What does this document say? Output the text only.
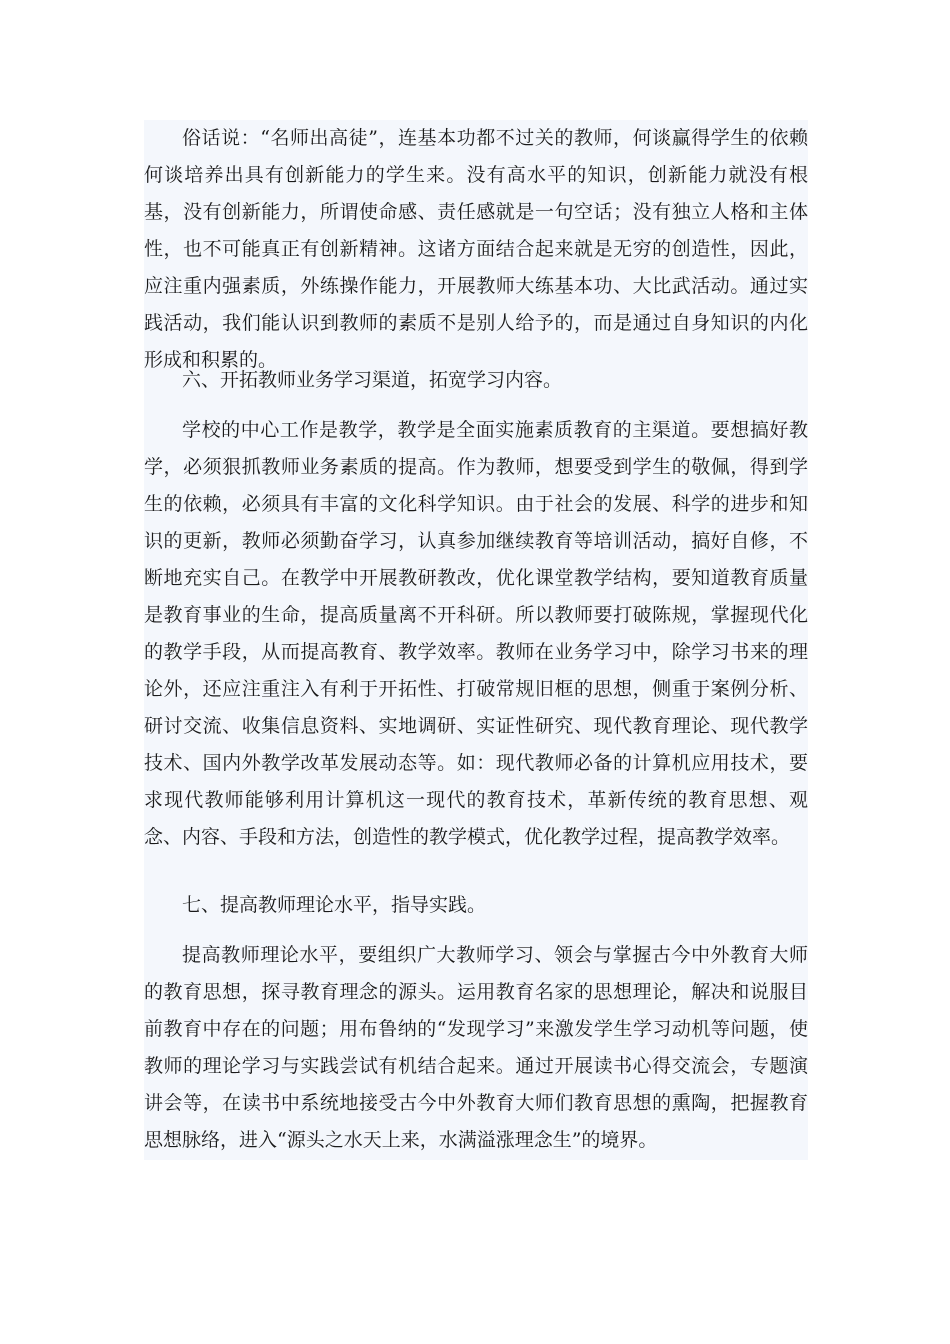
俗话说：“名师出高徒”，连基本功都不过关的教师，何谈赢得学生的依赖何谈培养出具有创新能力的学生来。没有高水平的知识，创新能力就没有根基，没有创新能力，所谓使命感、责任感就是一句空话；没有独立人格和主体性，也不可能真正有创新精神。这诸方面结合起来就是无穷的创造性，因此，应注重内强素质，外练操作能力，开展教师大练基本功、大比武活动。通过实践活动，我们能认识到教师的素质不是别人给予的，而是通过自身知识的内化形成和积累的。

六、开拓教师业务学习渠道，拓宽学习内容。

学校的中心工作是教学，教学是全面实施素质教育的主渠道。要想搞好教学，必须狠抓教师业务素质的提高。作为教师，想要受到学生的敬佩，得到学生的依赖，必须具有丰富的文化科学知识。由于社会的发展、科学的进步和知识的更新，教师必须勤奋学习，认真参加继续教育等培训活动，搞好自修，不断地充实自己。在教学中开展教研教改，优化课堂教学结构，要知道教育质量是教育事业的生命，提高质量离不开科研。所以教师要打破陈规，掌握现代化的教学手段，从而提高教育、教学效率。教师在业务学习中，除学习书来的理论外，还应注重注入有利于开拓性、打破常规旧框的思想，侧重于案例分析、研讨交流、收集信息资料、实地调研、实证性研究、现代教育理论、现代教学技术、国内外教学改革发展动态等。如：现代教师必备的计算机应用技术，要求现代教师能够利用计算机这一现代的教育技术，革新传统的教育思想、观念、内容、手段和方法，创造性的教学模式，优化教学过程，提高教学效率。

七、提高教师理论水平，指导实践。

提高教师理论水平，要组织广大教师学习、领会与掌握古今中外教育大师的教育思想，探寻教育理念的源头。运用教育名家的思想理论，解决和说服目前教育中存在的问题；用布鲁纳的“发现学习”来激发学生学习动机等问题，使教师的理论学习与实践尝试有机结合起来。通过开展读书心得交流会，专题演讲会等，在读书中系统地接受古今中外教育大师们教育思想的熏陶，把握教育思想脉络，进入“源头之水天上来，水满溢涨理念生”的境界。
